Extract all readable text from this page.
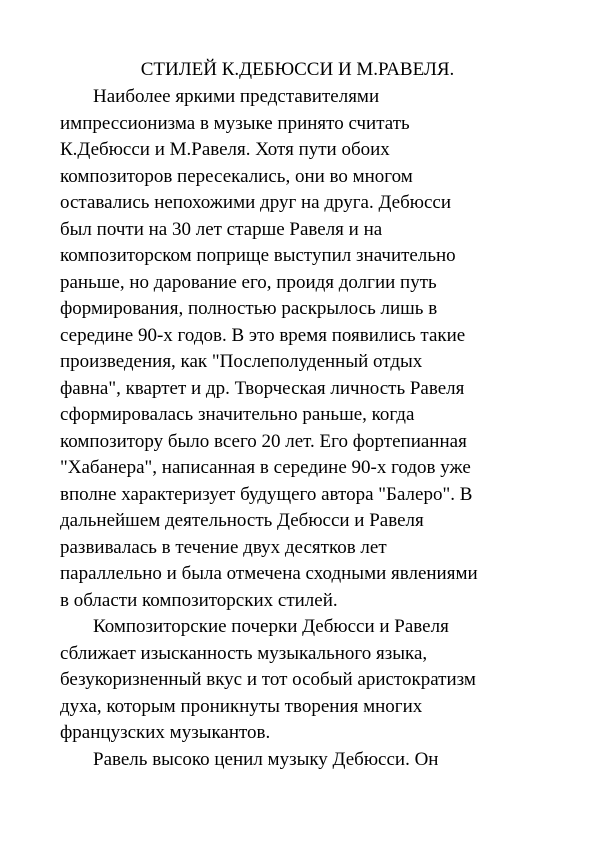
СТИЛЕЙ К.ДЕБЮССИ И М.РАВЕЛЯ.
Наиболее яркими представителями
импрессионизма в музыке принято считать
К.Дебюсси и М.Равеля. Хотя пути обоих
композиторов пересекались, они во многом
оставались непохожими друг на друга. Дебюсси
был почти на 30 лет старше Равеля и на
композиторском поприще выступил значительно
раньше, но дарование его, проидя долгии путь
формирования, полностью раскрылось лишь в
середине 90-х годов. В это время появились такие
произведения, как "Послеполуденный отдых
фавна", квартет и др. Творческая личность Равеля
сформировалась значительно раньше, когда
композитору было всего 20 лет. Его фортепианная
"Хабанера", написанная в середине 90-х годов уже
вполне характеризует будущего автора "Балеро". В
дальнейшем деятельность Дебюсси и Равеля
развивалась в течение двух десятков лет
параллельно и была отмечена сходными явлениями
в области композиторских стилей.
Композиторские почерки Дебюсси и Равеля
сближает изысканность музыкального языка,
безукоризненный вкус и тот особый аристократизм
духа, которым проникнуты творения многих
французских музыкантов.
Равель высоко ценил музыку Дебюсси. Он
